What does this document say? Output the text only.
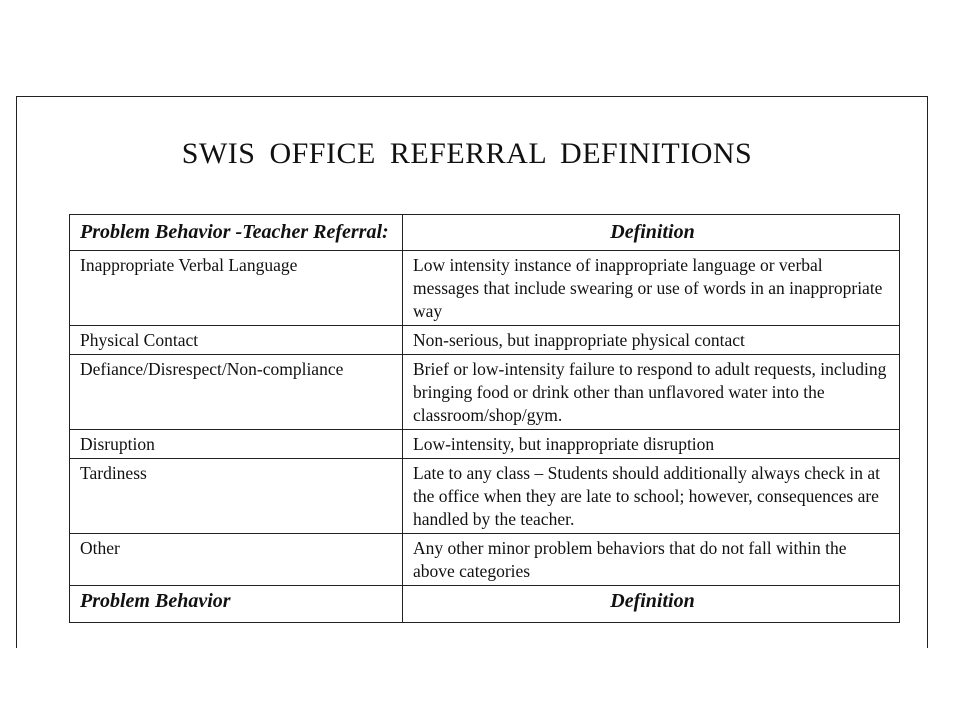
SWIS OFFICE REFERRAL DEFINITIONS
Problem Behavior -Teacher Referral:	Definition
Inappropriate Verbal Language	Low intensity instance of inappropriate language or verbal messages that include swearing or use of words in an inappropriate way
Physical Contact	Non-serious, but inappropriate physical contact
Defiance/Disrespect/Non-compliance	Brief or low-intensity failure to respond to adult requests, including bringing food or drink other than unflavored water into the classroom/shop/gym.
Disruption	Low-intensity, but inappropriate disruption
Tardiness	Late to any class – Students should additionally always check in at the office when they are late to school; however, consequences are handled by the teacher.
Other	Any other minor problem behaviors that do not fall within the above categories
Problem Behavior	Definition
